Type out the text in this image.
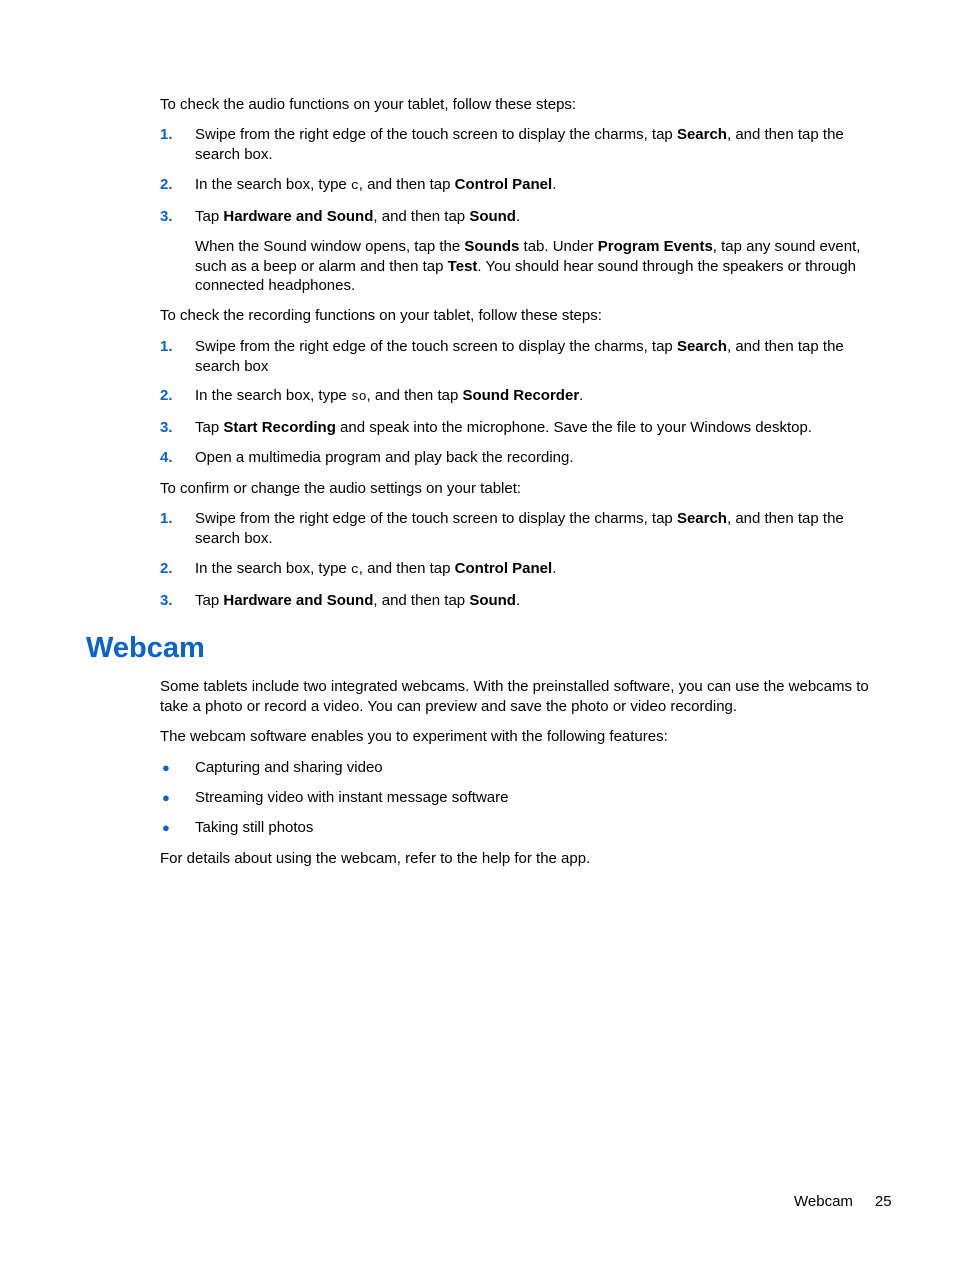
To check the audio functions on your tablet, follow these steps:
1. Swipe from the right edge of the touch screen to display the charms, tap Search, and then tap the search box.
2. In the search box, type c, and then tap Control Panel.
3. Tap Hardware and Sound, and then tap Sound.
When the Sound window opens, tap the Sounds tab. Under Program Events, tap any sound event, such as a beep or alarm and then tap Test. You should hear sound through the speakers or through connected headphones.
To check the recording functions on your tablet, follow these steps:
1. Swipe from the right edge of the touch screen to display the charms, tap Search, and then tap the search box
2. In the search box, type so, and then tap Sound Recorder.
3. Tap Start Recording and speak into the microphone. Save the file to your Windows desktop.
4. Open a multimedia program and play back the recording.
To confirm or change the audio settings on your tablet:
1. Swipe from the right edge of the touch screen to display the charms, tap Search, and then tap the search box.
2. In the search box, type c, and then tap Control Panel.
3. Tap Hardware and Sound, and then tap Sound.
Webcam
Some tablets include two integrated webcams. With the preinstalled software, you can use the webcams to take a photo or record a video. You can preview and save the photo or video recording.
The webcam software enables you to experiment with the following features:
● Capturing and sharing video
● Streaming video with instant message software
● Taking still photos
For details about using the webcam, refer to the help for the app.
Webcam 25
